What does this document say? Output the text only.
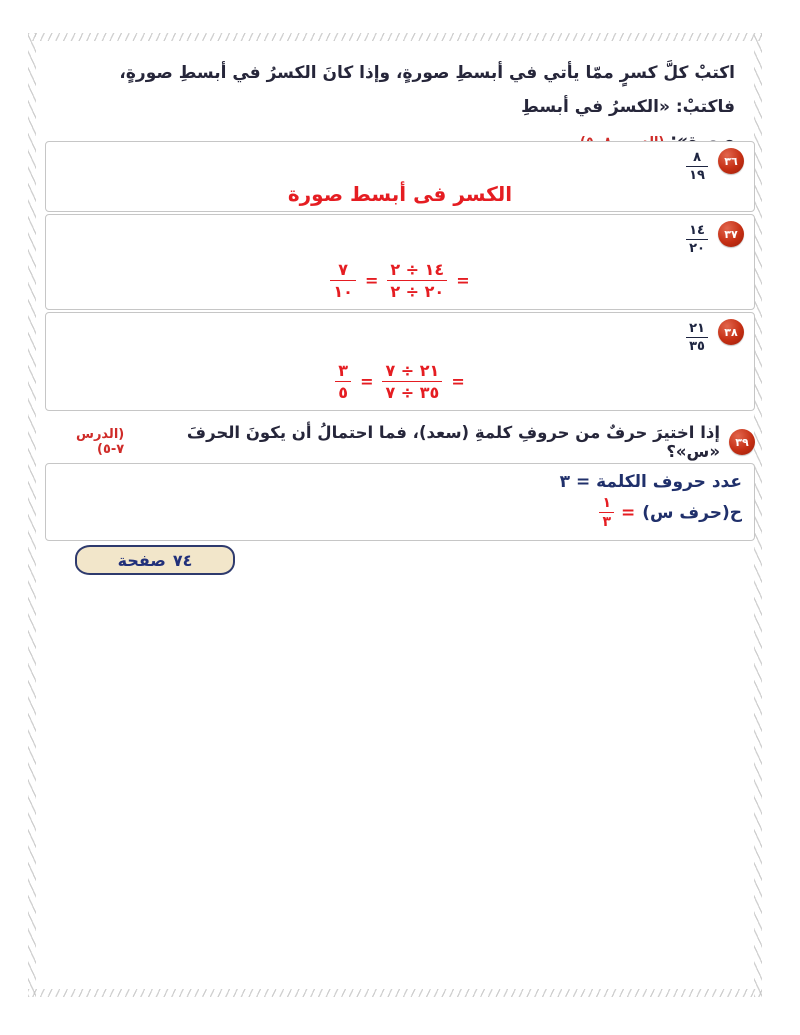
اكتبْ كلَّ كسرٍ ممّا يأتي في أبسطِ صورةٍ، وإذا كانَ الكسرُ في أبسطِ صورةٍ، فاكتبْ: «الكسرُ في أبسطِ
٣٦
$\frac{٨}{١٩}$
الكسر فى أبسط صورة
٣٧
$\frac{١٤}{٢٠}$
=
$\frac{١٤ \div ٢}{٢٠ \div ٢}$
=
$\frac{٧}{١٠}$
٣٨
$\frac{٢١}{٣٥}$
=
$\frac{٢١ \div ٧}{٣٥ \div ٧}$
=
$\frac{٣}{٥}$
٣٩
إذا اختيرَ حرفٌ من حروفِ كلمةِ (سعد)، فما احتمالُ أن يكونَ الحرفَ «س»؟
(الدرس ٧-٥)
عدد حروف الكلمة = ٣
ح(حرف س)
=
$\frac{١}{٣}$
صفحة ٧٤
